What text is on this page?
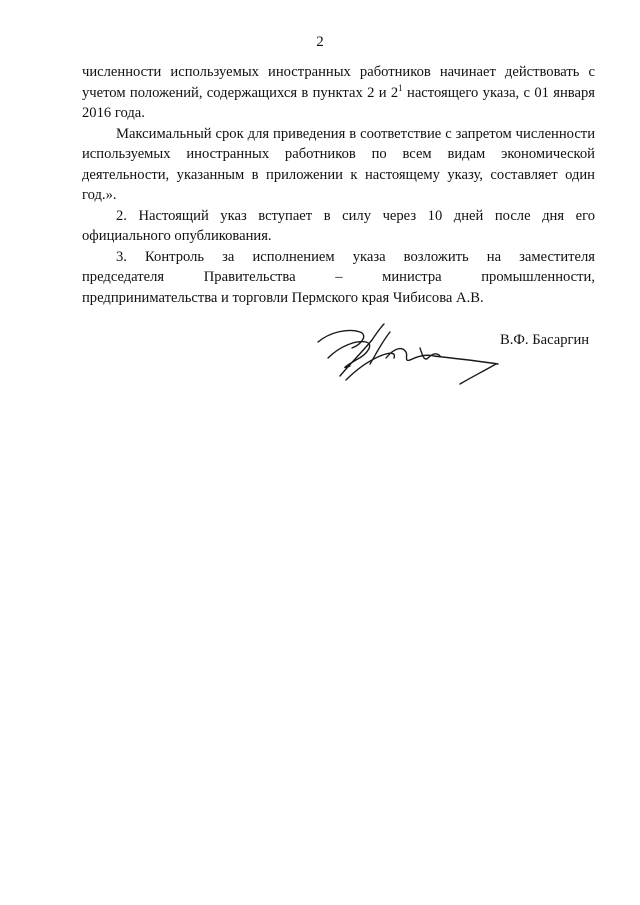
2

численности используемых иностранных работников начинает действовать с учетом положений, содержащихся в пунктах 2 и $2^1$ настоящего указа, с 01 января 2016 года.

Максимальный срок для приведения в соответствие с запретом численности используемых иностранных работников по всем видам экономической деятельности, указанным в приложении к настоящему указу, составляет один год.».

2. Настоящий указ вступает в силу через 10 дней после дня его официального опубликования.

3. Контроль за исполнением указа возложить на заместителя

председателя Правительства – министра промышленности,

предпринимательства и торговли Пермского края Чибисова А.В.

В.Ф. Басаргин
